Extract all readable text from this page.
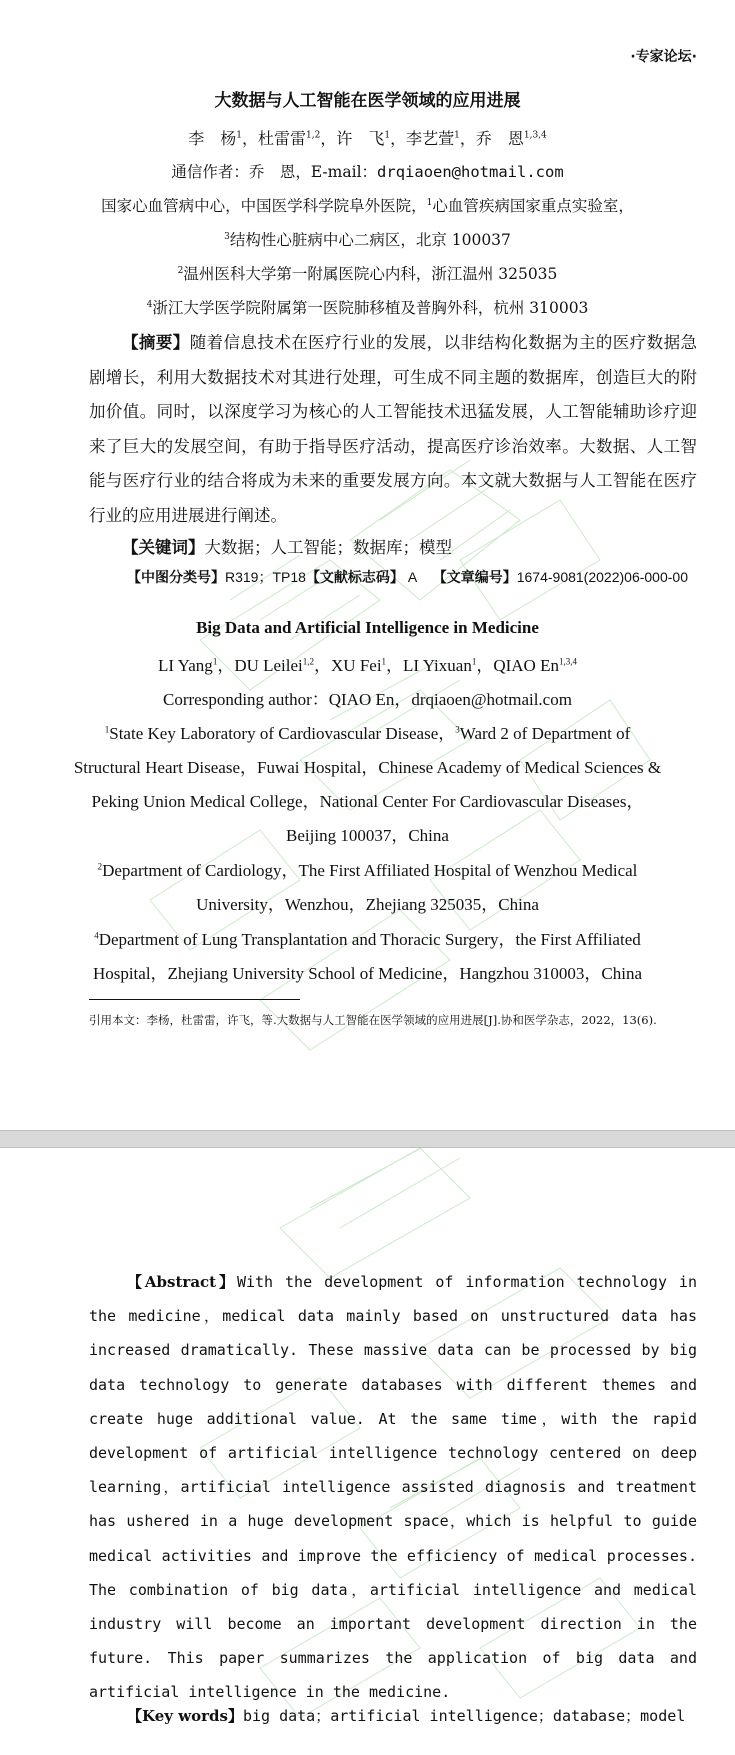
·专家论坛·
大数据与人工智能在医学领域的应用进展
李　杨$^1$，杜雷雷$^{1,2}$，许　飞$^1$，李艺萱$^1$，乔　恩$^{1,3,4}$
通信作者：乔　恩，E-mail：drqiaoen@hotmail.com
国家心血管病中心，中国医学科学院阜外医院，$^1$心血管疾病国家重点实验室，
$^3$结构性心脏病中心二病区，北京 100037
$^2$温州医科大学第一附属医院心内科，浙江温州 325035
$^4$浙江大学医学院附属第一医院肺移植及普胸外科，杭州 310003
【摘要】随着信息技术在医疗行业的发展，以非结构化数据为主的医疗数据急剧增长，利用大数据技术对其进行处理，可生成不同主题的数据库，创造巨大的附加价值。同时，以深度学习为核心的人工智能技术迅猛发展，人工智能辅助诊疗迎来了巨大的发展空间，有助于指导医疗活动，提高医疗诊治效率。大数据、人工智能与医疗行业的结合将成为未来的重要发展方向。本文就大数据与人工智能在医疗行业的应用进展进行阐述。
【关键词】大数据；人工智能；数据库；模型
【中图分类号】R319；TP18【文献标志码】 A 【文章编号】1674-9081(2022)06-000-00
Big Data and Artificial Intelligence in Medicine
LI Yang$^1$，DU Leilei$^{1,2}$，XU Fei$^1$，LI Yixuan$^1$，QIAO En$^{1,3,4}$
Corresponding author：QIAO En，drqiaoen@hotmail.com
$^1$State Key Laboratory of Cardiovascular Disease，$^3$Ward 2 of Department of
Structural Heart Disease，Fuwai Hospital，Chinese Academy of Medical Sciences &
Peking Union Medical College，National Center For Cardiovascular Diseases，
Beijing 100037，China
$^2$Department of Cardiology，The First Affiliated Hospital of Wenzhou Medical
University，Wenzhou，Zhejiang 325035，China
$^4$Department of Lung Transplantation and Thoracic Surgery，the First Affiliated
Hospital，Zhejiang University School of Medicine，Hangzhou 310003，China
引用本文：李杨，杜雷雷，许飞，等.大数据与人工智能在医学领域的应用进展[J].协和医学杂志，2022，13(6).
【Abstract】With the development of information technology in the medicine，medical data mainly based on unstructured data has increased dramatically. These massive data can be processed by big data technology to generate databases with different themes and create huge additional value. At the same time，with the rapid development of artificial intelligence technology centered on deep learning，artificial intelligence assisted diagnosis and treatment has ushered in a huge development space，which is helpful to guide medical activities and improve the efficiency of medical processes. The combination of big data，artificial intelligence and medical industry will become an important development direction in the future. This paper summarizes the application of big data and artificial intelligence in the medicine.
【Key words】big data；artificial intelligence；database；model
